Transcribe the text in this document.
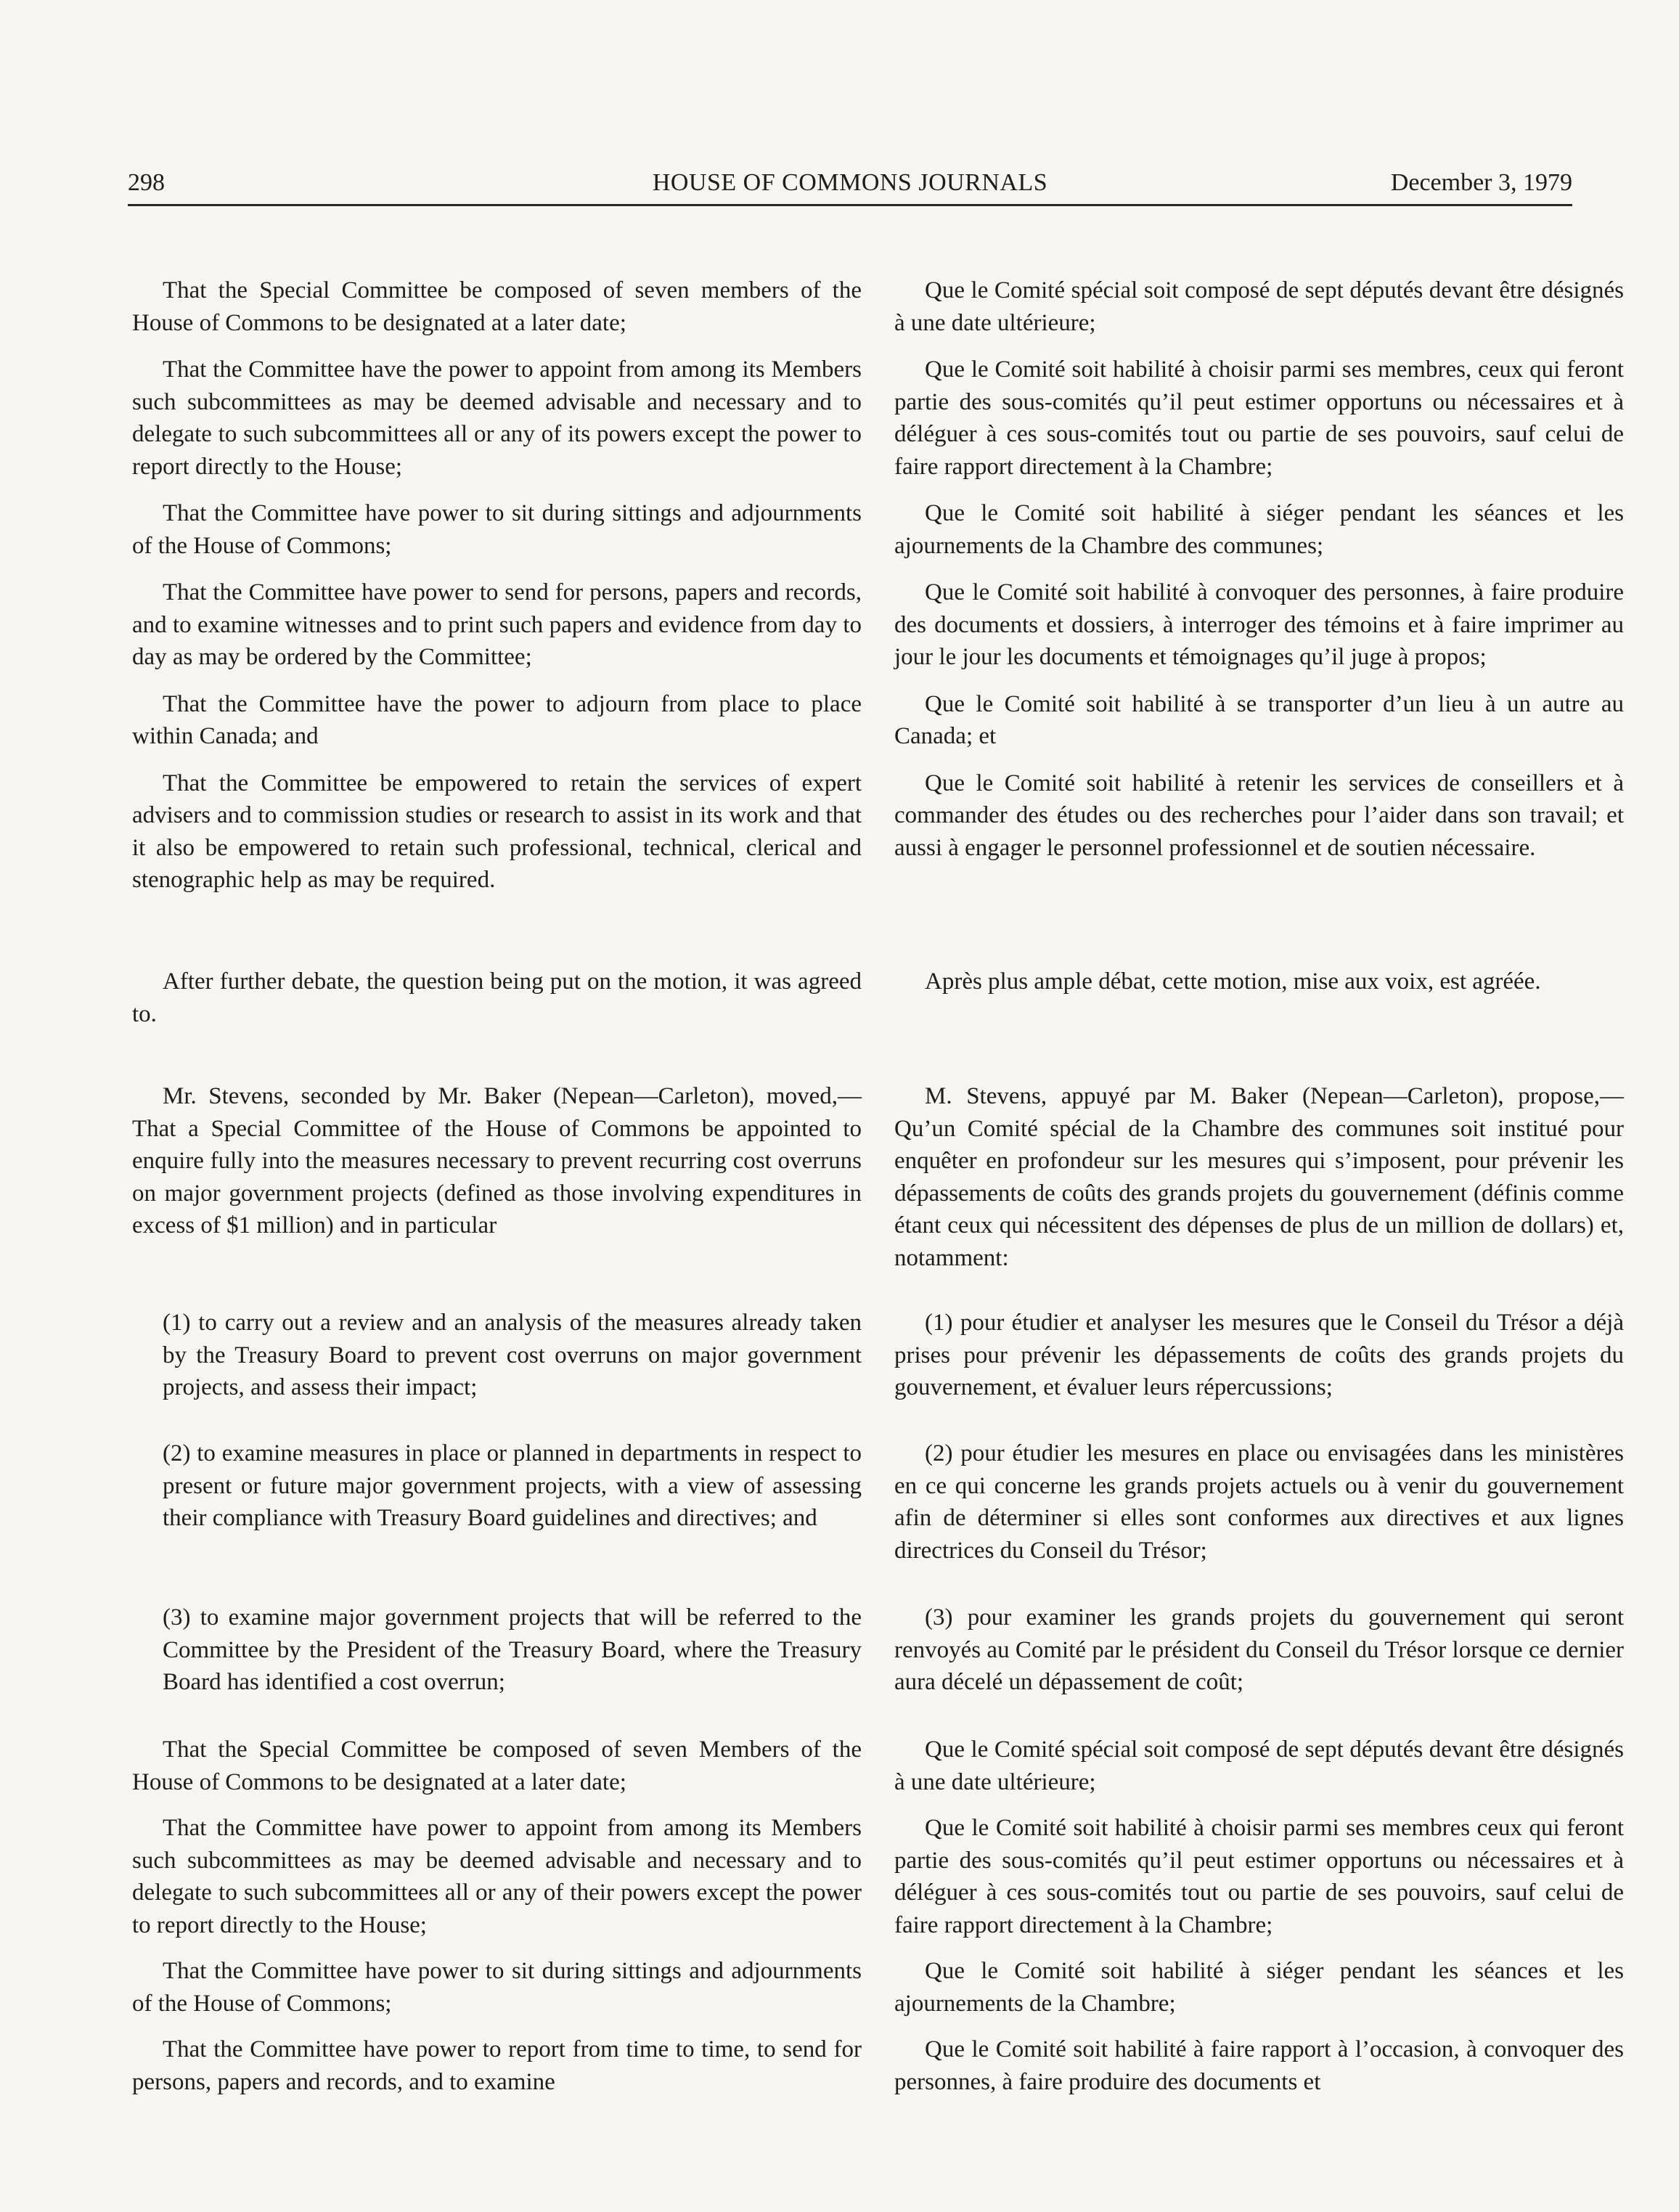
298	HOUSE OF COMMONS JOURNALS	December 3, 1979

That the Special Committee be composed of seven members of the House of Commons to be designated at a later date;

That the Committee have the power to appoint from among its Members such subcommittees as may be deemed advisable and necessary and to delegate to such subcommittees all or any of its powers except the power to report directly to the House;

That the Committee have power to sit during sittings and adjournments of the House of Commons;

That the Committee have power to send for persons, papers and records, and to examine witnesses and to print such papers and evidence from day to day as may be ordered by the Committee;

That the Committee have the power to adjourn from place to place within Canada; and

That the Committee be empowered to retain the services of expert advisers and to commission studies or research to assist in its work and that it also be empowered to retain such professional, technical, clerical and stenographic help as may be required.

After further debate, the question being put on the motion, it was agreed to.

Mr. Stevens, seconded by Mr. Baker (Nepean—Carleton), moved,—That a Special Committee of the House of Commons be appointed to enquire fully into the measures necessary to prevent recurring cost overruns on major government projects (defined as those involving expenditures in excess of $1 million) and in particular

(1) to carry out a review and an analysis of the measures already taken by the Treasury Board to prevent cost overruns on major government projects, and assess their impact;

(2) to examine measures in place or planned in departments in respect to present or future major government projects, with a view of assessing their compliance with Treasury Board guidelines and directives; and

(3) to examine major government projects that will be referred to the Committee by the President of the Treasury Board, where the Treasury Board has identified a cost overrun;

That the Special Committee be composed of seven Members of the House of Commons to be designated at a later date;

That the Committee have power to appoint from among its Members such subcommittees as may be deemed advisable and necessary and to delegate to such subcommittees all or any of their powers except the power to report directly to the House;

That the Committee have power to sit during sittings and adjournments of the House of Commons;

That the Committee have power to report from time to time, to send for persons, papers and records, and to examine

Que le Comité spécial soit composé de sept députés devant être désignés à une date ultérieure;

Que le Comité soit habilité à choisir parmi ses membres, ceux qui feront partie des sous-comités qu’il peut estimer opportuns ou nécessaires et à déléguer à ces sous-comités tout ou partie de ses pouvoirs, sauf celui de faire rapport directement à la Chambre;

Que le Comité soit habilité à siéger pendant les séances et les ajournements de la Chambre des communes;

Que le Comité soit habilité à convoquer des personnes, à faire produire des documents et dossiers, à interroger des témoins et à faire imprimer au jour le jour les documents et témoignages qu’il juge à propos;

Que le Comité soit habilité à se transporter d’un lieu à un autre au Canada; et

Que le Comité soit habilité à retenir les services de conseillers et à commander des études ou des recherches pour l’aider dans son travail; et aussi à engager le personnel professionnel et de soutien nécessaire.

Après plus ample débat, cette motion, mise aux voix, est agréée.

M. Stevens, appuyé par M. Baker (Nepean—Carleton), propose,—Qu’un Comité spécial de la Chambre des communes soit institué pour enquêter en profondeur sur les mesures qui s’imposent, pour prévenir les dépassements de coûts des grands projets du gouvernement (définis comme étant ceux qui nécessitent des dépenses de plus de un million de dollars) et, notamment:

(1) pour étudier et analyser les mesures que le Conseil du Trésor a déjà prises pour prévenir les dépassements de coûts des grands projets du gouvernement, et évaluer leurs répercussions;

(2) pour étudier les mesures en place ou envisagées dans les ministères en ce qui concerne les grands projets actuels ou à venir du gouvernement afin de déterminer si elles sont conformes aux directives et aux lignes directrices du Conseil du Trésor;

(3) pour examiner les grands projets du gouvernement qui seront renvoyés au Comité par le président du Conseil du Trésor lorsque ce dernier aura décelé un dépassement de coût;

Que le Comité spécial soit composé de sept députés devant être désignés à une date ultérieure;

Que le Comité soit habilité à choisir parmi ses membres ceux qui feront partie des sous-comités qu’il peut estimer opportuns ou nécessaires et à déléguer à ces sous-comités tout ou partie de ses pouvoirs, sauf celui de faire rapport directement à la Chambre;

Que le Comité soit habilité à siéger pendant les séances et les ajournements de la Chambre;

Que le Comité soit habilité à faire rapport à l’occasion, à convoquer des personnes, à faire produire des documents et
